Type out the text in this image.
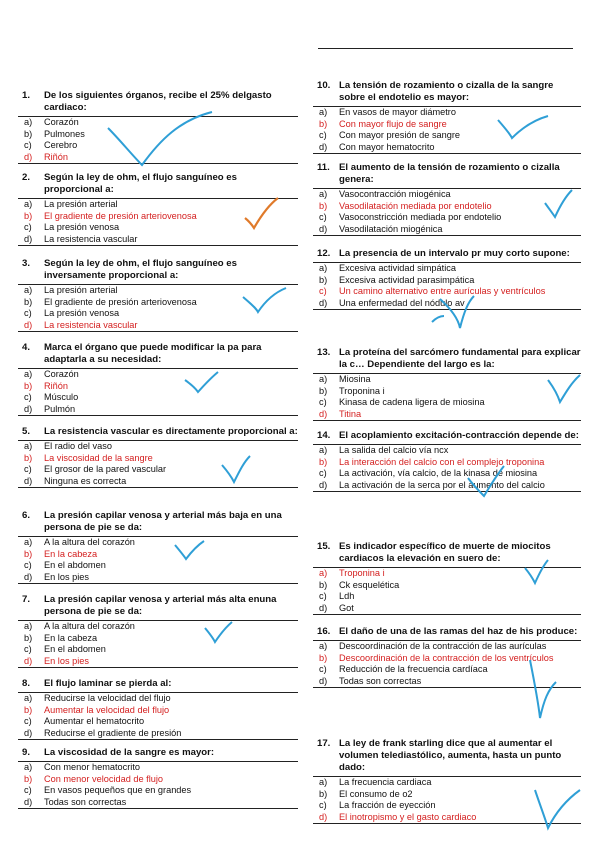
1.	De los siguientes órganos, recibe el 25% delgasto cardiaco:
a) Corazón
b) Pulmones
c) Cerebro
d) Riñón
2.	Según la ley de ohm, el flujo sanguíneo es proporcional a:
a) La presión arterial
b) El gradiente de presión arteriovenosa
c) La presión venosa
d) La resistencia vascular
3.	Según la ley de ohm, el flujo sanguíneo es inversamente proporcional a:
a) La presión arterial
b) El gradiente de presión arteriovenosa
c) La presión venosa
d) La resistencia vascular
4.	Marca el órgano que puede modificar la pa para adaptarla a su necesidad:
a) Corazón
b) Riñón
c) Músculo
d) Pulmón
5.	La resistencia vascular es directamente proporcional a:
a) El radio del vaso
b) La viscosidad de la sangre
c) El grosor de la pared vascular
d) Ninguna es correcta
6.	La presión capilar venosa y arterial más baja en una persona de pie se da:
a) A la altura del corazón
b) En la cabeza
c) En el abdomen
d) En los pies
7.	La presión capilar venosa y arterial más alta enuna persona de pie se da:
a) A la altura del corazón
b) En la cabeza
c) En el abdomen
d) En los pies
8.	El flujo laminar se pierda al:
a) Reducirse la velocidad del flujo
b) Aumentar la velocidad del flujo
c) Aumentar el hematocrito
d) Reducirse el gradiente de presión
9.	La viscosidad de la sangre es mayor:
a) Con menor hematocrito
b) Con menor velocidad de flujo
c) En vasos pequeños que en grandes
d) Todas son correctas
10. La tensión de rozamiento o cizalla de la sangre sobre el endotelio es mayor:
a) En vasos de mayor diámetro
b) Con mayor flujo de sangre
c) Con mayor presión de sangre
d) Con mayor hematocrito
11. El aumento de la tensión de rozamiento o cizalla genera:
a) Vasocontracción miogénica
b) Vasodilatación mediada por endotelio
c) Vasoconstricción mediada por endotelio
d) Vasodilatación miogénica
12. La presencia de un intervalo pr muy corto supone:
a) Excesiva actividad simpática
b) Excesiva actividad parasimpática
c) Un camino alternativo entre aurículas y ventrículos
d) Una enfermedad del nódulo av
13. La proteína del sarcómero fundamental para explicar la c… Dependiente del largo es la:
a) Miosina
b) Troponina i
c) Kinasa de cadena ligera de miosina
d) Titina
14. El acoplamiento excitación-contracción depende de:
a) La salida del calcio vía ncx
b) La interacción del calcio con el complejo troponina
c) La activación, vía calcio, de la kinasa de miosina
d) La activación de la serca por el aumento del calcio
15. Es indicador específico de muerte de miocitos cardiacos la elevación en suero de:
a) Troponina i
b) Ck esquelética
c) Ldh
d) Got
16. El daño de una de las ramas del haz de his produce:
a) Descoordinación de la contracción de las aurículas
b) Descoordinación de la contracción de los ventrículos
c) Reducción de la frecuencia cardíaca
d) Todas son correctas
17. La ley de frank starling dice que al aumentar el volumen telediastólico, aumenta, hasta un punto dado:
a) La frecuencia cardiaca
b) El consumo de o2
c) La fracción de eyección
d) El inotropismo y el gasto cardiaco
